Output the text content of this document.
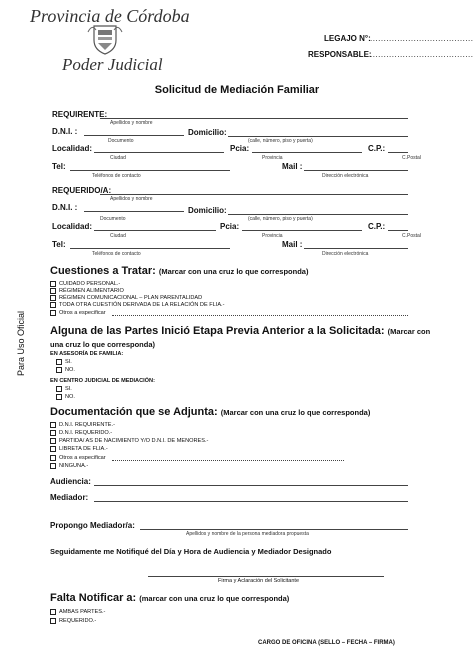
Provincia de Córdoba
Poder Judicial
LEGAJO N°: ......................................
RESPONSABLE:
......................................
Solicitud de Mediación Familiar
Para Uso Oficial
REQUIRENTE:
Apellidos y nombre
D.N.I. :	Domicilio:
Documento	(calle, número, piso y puerta)
Localidad:	Pcia:	C.P.:
Ciudad	Provincia	C.Postal
Tel:	Mail :
Teléfonos de contacto	Dirección electrónica
REQUERIDO/A:
Apellidos y nombre
D.N.I. :	Domicilio:
Documento	(calle, número, piso y puerta)
Localidad:	Pcia:	C.P.:
Ciudad	Provincia	C.Postal
Tel:	Mail :
Teléfonos de contacto	Dirección electrónica
Cuestiones a Tratar: (Marcar con una cruz lo que corresponda)
CUIDADO PERSONAL.-
RÉGIMEN ALIMENTARIO
RÉGIMEN COMUNICACIONAL – PLAN PARENTALIDAD
TODA OTRA CUESTIÓN DERIVADA DE LA RELACIÓN DE FLIA.-
Otros a especificar
Alguna de las Partes Inició Etapa Previa Anterior a la Solicitada: (Marcar con una cruz lo que corresponda)
EN ASESORÍA DE FAMILIA:
SI.
NO.
EN CENTRO JUDICIAL DE MEDIACIÓN:
SI.
NO.
Documentación que se Adjunta: (Marcar con una cruz lo que corresponda)
D.N.I. REQUIRENTE.-
D.N.I. REQUERIDO.-
PARTIDA/ AS DE NACIMIENTO Y/O D.N.I. DE MENORES.-
LIBRETA DE FLIA.-
Otros a especificar
NINGUNA.-
Audiencia:
Mediador:
Propongo Mediador/a:
Apellidos y nombre de la persona mediadora propuesta
Seguidamente me Notifiqué del Día y Hora de Audiencia y Mediador Designado
Firma y Aclaración del Solicitante
Falta Notificar a: (marcar con una cruz lo que corresponda)
AMBAS PARTES.-
REQUERIDO.-
CARGO DE OFICINA (SELLO – FECHA – FIRMA)
